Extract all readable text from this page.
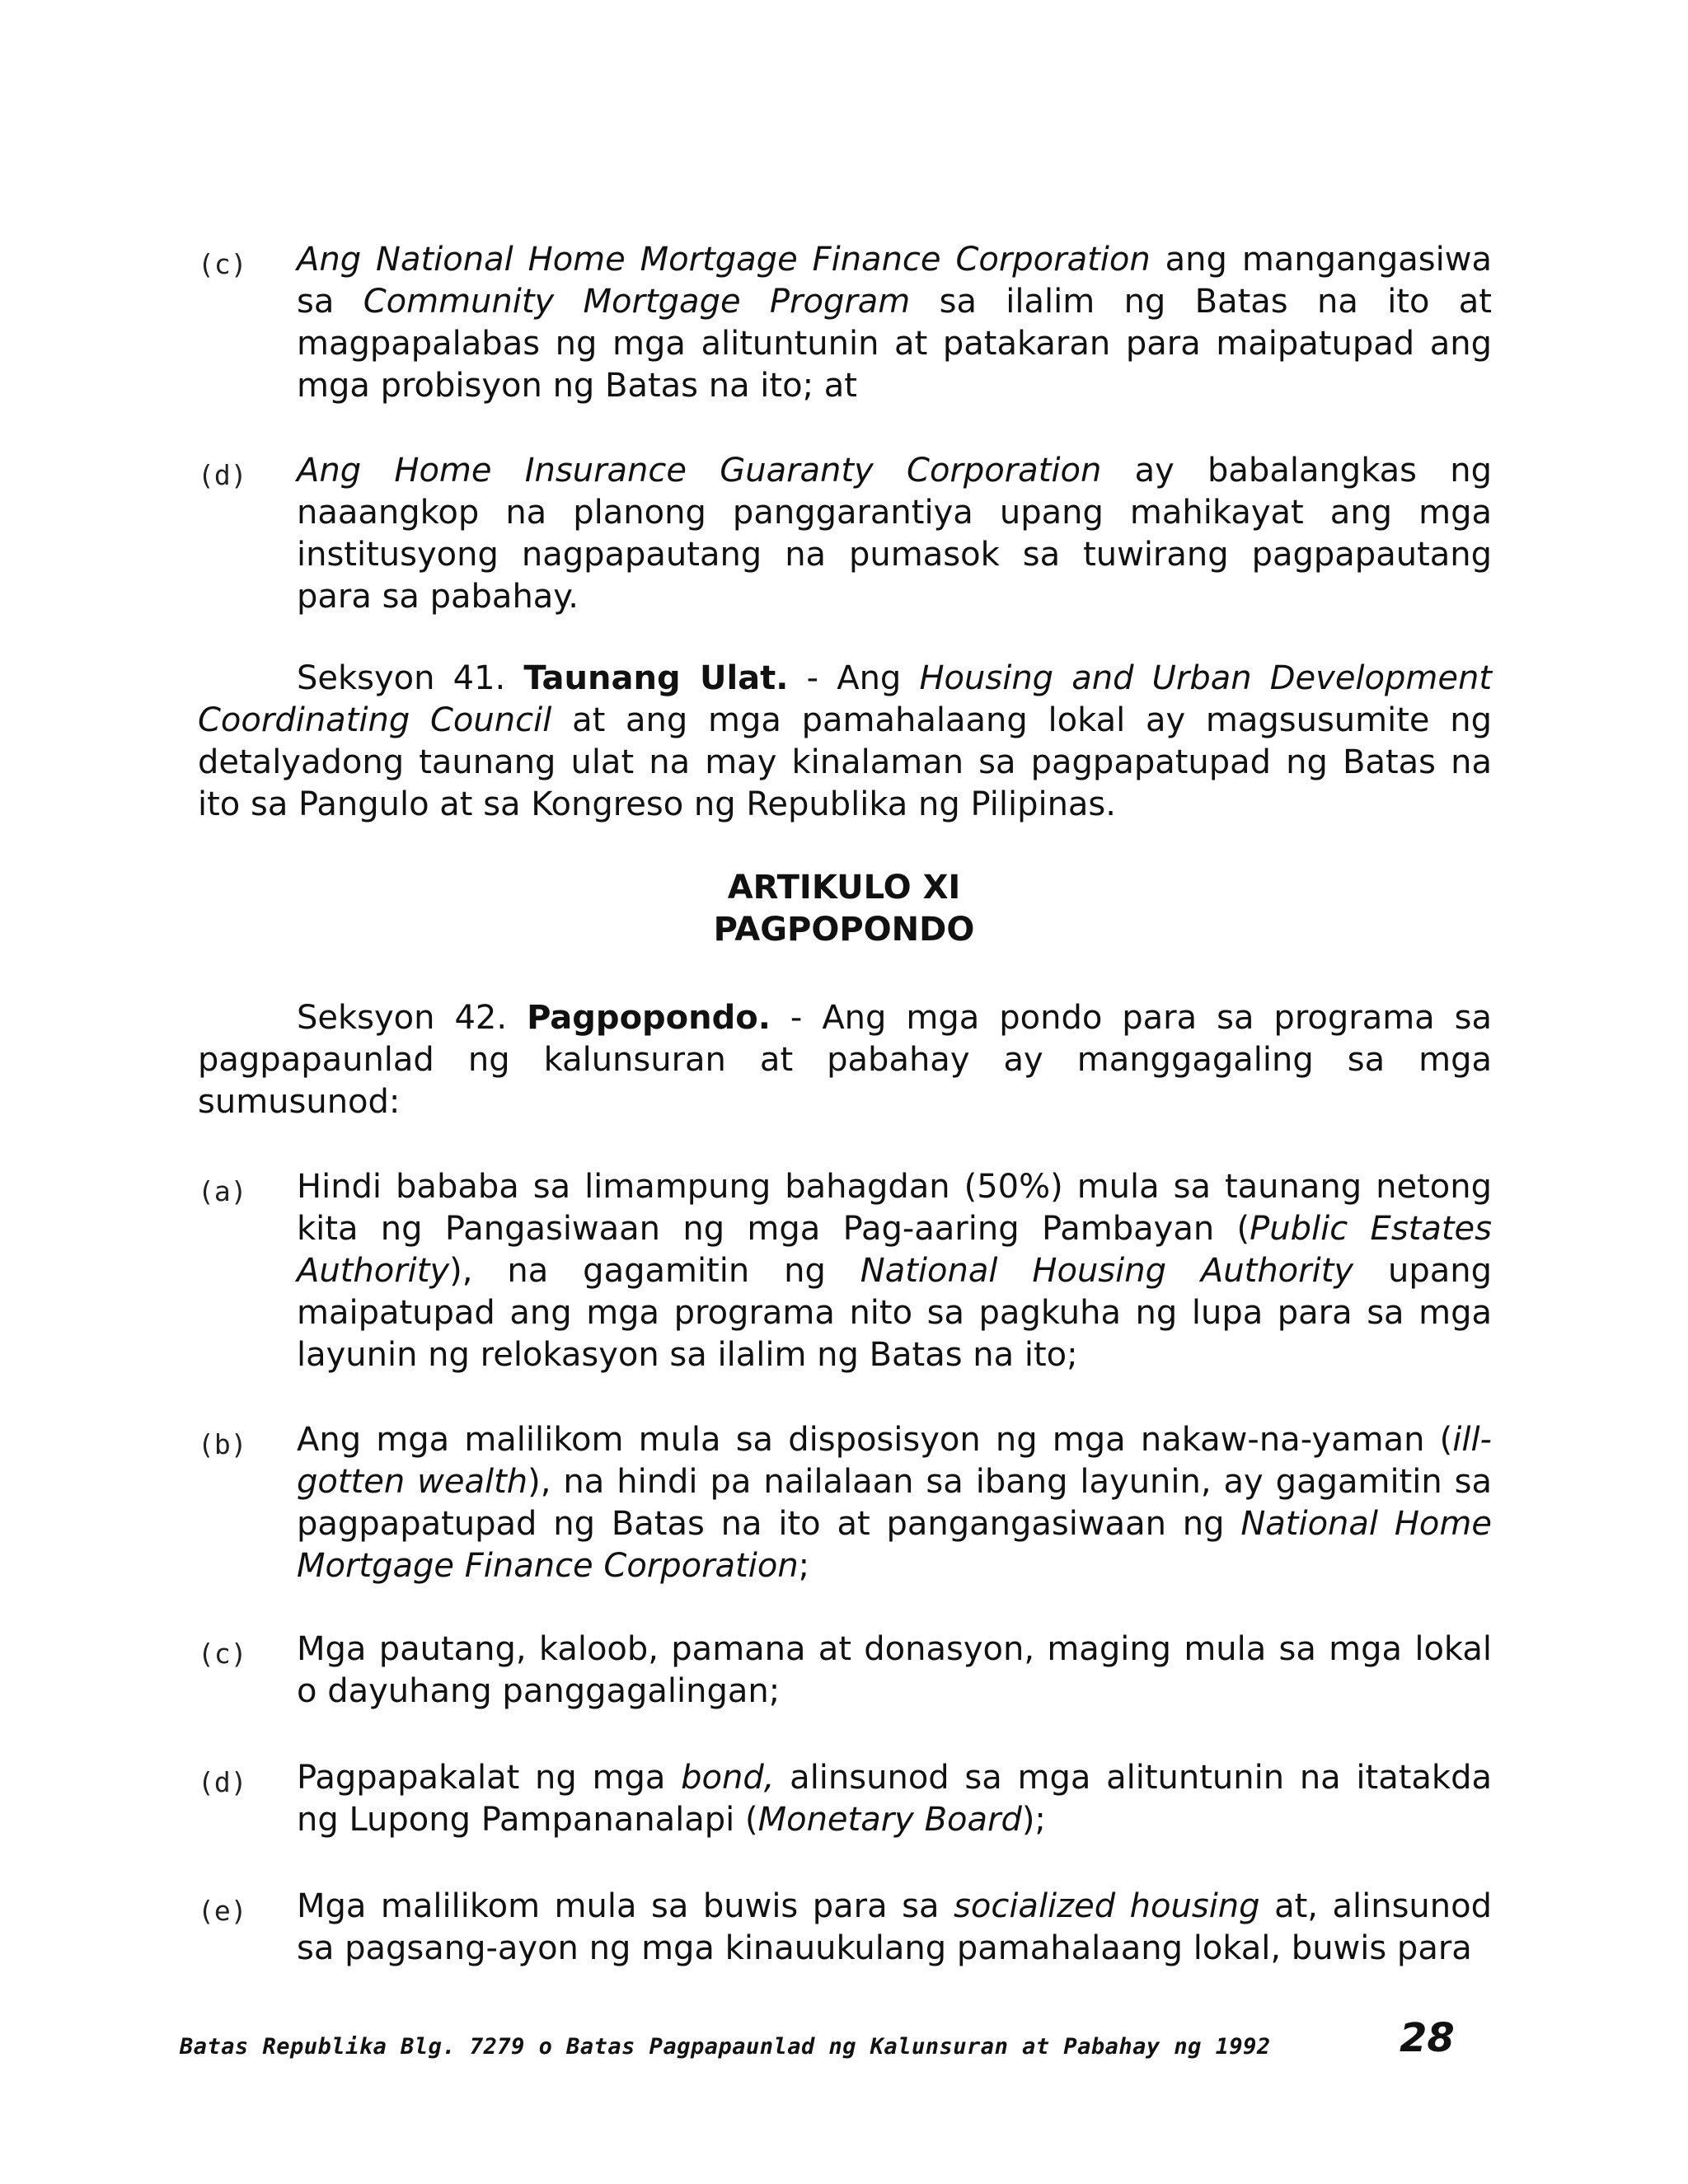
(c) Ang National Home Mortgage Finance Corporation ang mangangasiwa sa Community Mortgage Program sa ilalim ng Batas na ito at magpapalabas ng mga alituntunin at patakaran para maipatupad ang mga probisyon ng Batas na ito; at
(d) Ang Home Insurance Guaranty Corporation ay babalangkas ng naaangkop na planong panggarantiya upang mahikayat ang mga institusyong nagpapautang na pumasok sa tuwirang pagpapautang para sa pabahay.
Seksyon 41. Taunang Ulat. - Ang Housing and Urban Development Coordinating Council at ang mga pamahalaang lokal ay magsusumite ng detalyadong taunang ulat na may kinalaman sa pagpapatupad ng Batas na ito sa Pangulo at sa Kongreso ng Republika ng Pilipinas.
ARTIKULO XI
PAGPOPONDO
Seksyon 42. Pagpopondo. - Ang mga pondo para sa programa sa pagpapaunlad ng kalunsuran at pabahay ay manggagaling sa mga sumusunod:
(a) Hindi bababa sa limampung bahagdan (50%) mula sa taunang netong kita ng Pangasiwaan ng mga Pag-aaring Pambayan (Public Estates Authority), na gagamitin ng National Housing Authority upang maipatupad ang mga programa nito sa pagkuha ng lupa para sa mga layunin ng relokasyon sa ilalim ng Batas na ito;
(b) Ang mga malilikom mula sa disposisyon ng mga nakaw-na-yaman (ill-gotten wealth), na hindi pa nailalaan sa ibang layunin, ay gagamitin sa pagpapatupad ng Batas na ito at pangangasiwaan ng National Home Mortgage Finance Corporation;
(c) Mga pautang, kaloob, pamana at donasyon, maging mula sa mga lokal o dayuhang panggagalingan;
(d) Pagpapakalat ng mga bond, alinsunod sa mga alituntunin na itatakda ng Lupong Pampananalapi (Monetary Board);
(e) Mga malilikom mula sa buwis para sa socialized housing at, alinsunod sa pagsang-ayon ng mga kinauukulang pamahalaang lokal, buwis para
Batas Republika Blg. 7279 o Batas Pagpapaunlad ng Kalunsuran at Pabahay ng 1992	28
